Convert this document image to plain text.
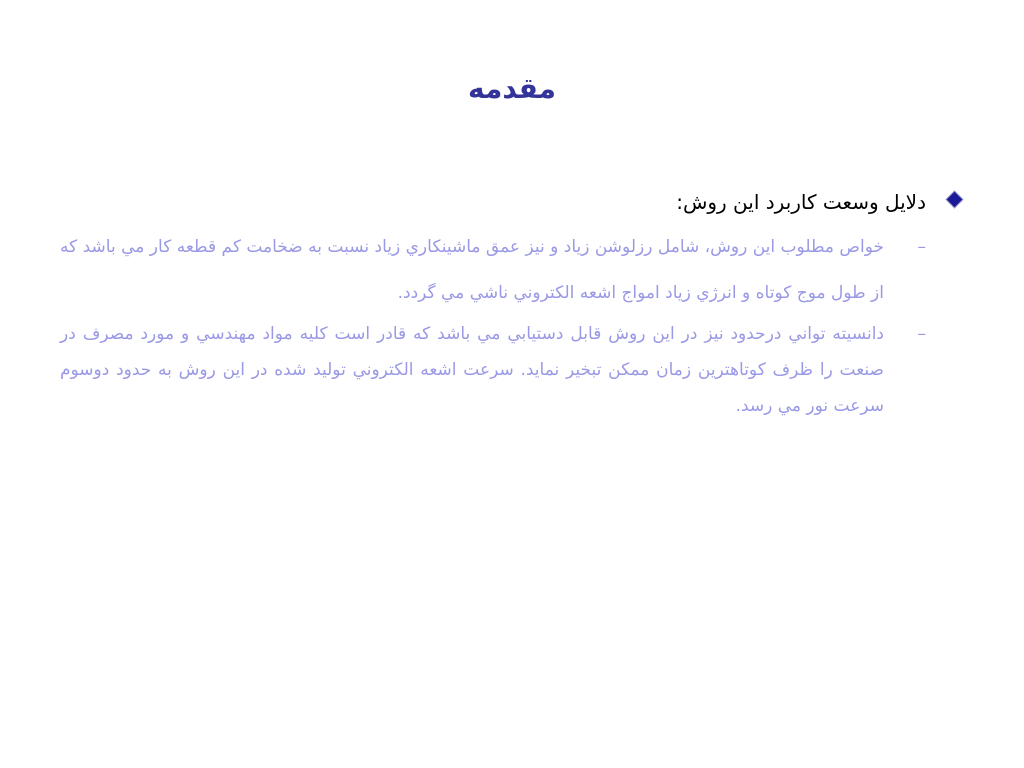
مقدمه
دلايل وسعت كاربرد اين روش:
–
خواص مطلوب اين روش، شامل رزلوشن زياد و نيز عمق ماشينكاري زياد نسبت به ضخامت كم قطعه كار مي باشد كه از طول موج كوتاه و انرژي زياد امواج اشعه الكتروني ناشي مي گردد.
–
دانسيته تواني درحدود نيز در اين روش قابل دستيابي مي باشد كه قادر است كليه مواد مهندسي و مورد مصرف در صنعت را ظرف كوتاهترين زمان ممكن تبخير نمايد. سرعت اشعه الكتروني توليد شده در اين روش به حدود دوسوم سرعت نور مي رسد.
